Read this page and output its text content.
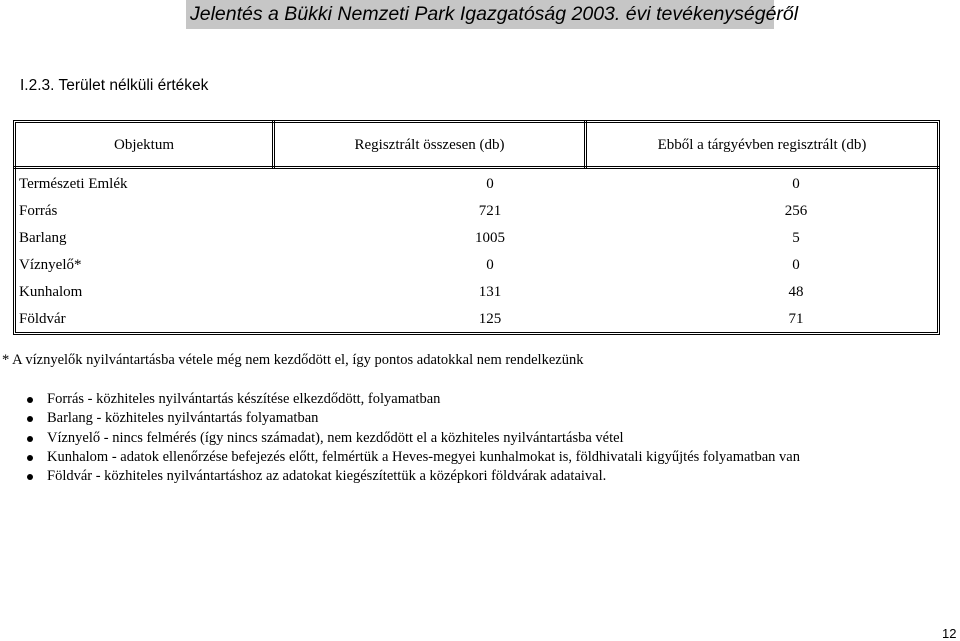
Jelentés a Bükki Nemzeti Park Igazgatóság 2003. évi tevékenységéről
I.2.3. Terület nélküli értékek
Objektum	Regisztrált összesen (db)	Ebből a tárgyévben regisztrált (db)
Természeti Emlék	0	0
Forrás	721	256
Barlang	1005	5
Víznyelő*	0	0
Kunhalom	131	48
Földvár	125	71
* A víznyelők nyilvántartásba vétele még nem kezdődött el, így pontos adatokkal nem rendelkezünk
Forrás - közhiteles nyilvántartás készítése elkezdődött, folyamatban
Barlang - közhiteles nyilvántartás folyamatban
Víznyelő - nincs felmérés (így nincs számadat), nem kezdődött el a közhiteles nyilvántartásba vétel
Kunhalom - adatok ellenőrzése befejezés előtt, felmértük a Heves-megyei kunhalmokat is, földhivatali kigyűjtés folyamatban van
Földvár - közhiteles nyilvántartáshoz az adatokat kiegészítettük a középkori földvárak adataival.
12
